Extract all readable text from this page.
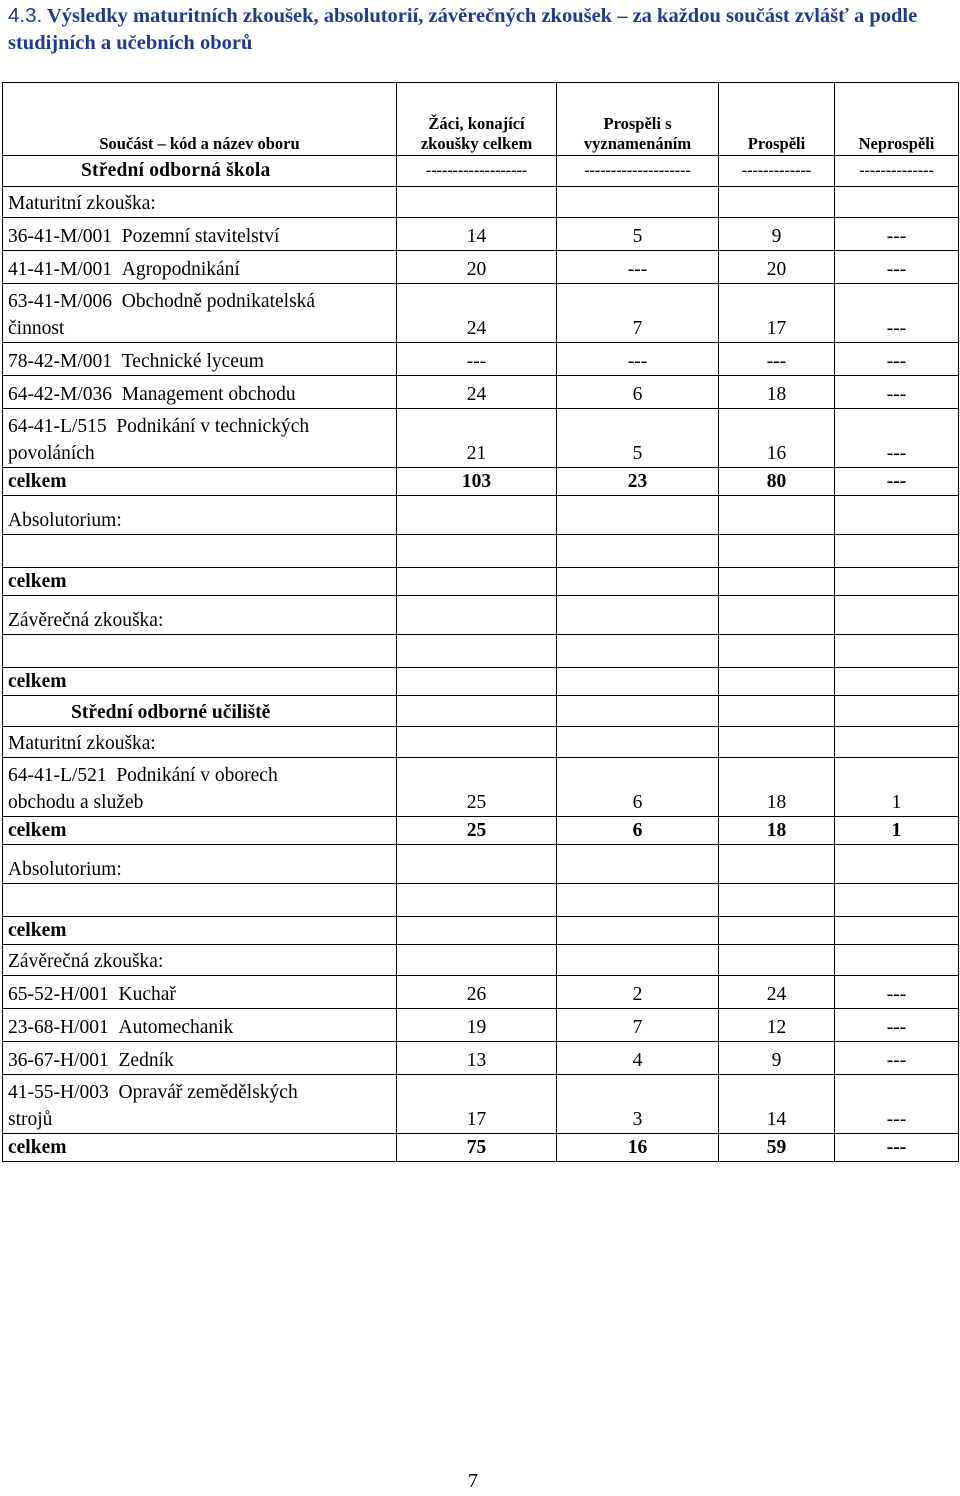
4.3. Výsledky maturitních zkoušek, absolutorií, závěrečných zkoušek – za každou součást zvlášť a podle studijních a učebních oborů
Součást – kód a název oboru	Žáci, konající zkoušky celkem	Prospěli s vyznamenáním	Prospěli	Neprospěli
Střední odborná škola	-------------------	--------------------	-------------	--------------
Maturitní zkouška:				
36-41-M/001 Pozemní stavitelství	14	5	9	---
41-41-M/001 Agropodnikání	20	---	20	---
63-41-M/006 Obchodně podnikatelská
činnost	24	7	17	---
78-42-M/001 Technické lyceum	---	---	---	---
64-42-M/036 Management obchodu	24	6	18	---
64-41-L/515 Podnikání v technických
povoláních	21	5	16	---
celkem	103	23	80	---
Absolutorium:				

celkem				
Závěrečná zkouška:				

celkem				
Střední odborné učiliště				
Maturitní zkouška:				
64-41-L/521 Podnikání v oborech
obchodu a služeb	25	6	18	1
celkem	25	6	18	1
Absolutorium:				

celkem				
Závěrečná zkouška:				
65-52-H/001 Kuchař	26	2	24	---
23-68-H/001 Automechanik	19	7	12	---
36-67-H/001 Zedník	13	4	9	---
41-55-H/003 Opravář zemědělských
strojů	17	3	14	---
celkem	75	16	59	---
7
